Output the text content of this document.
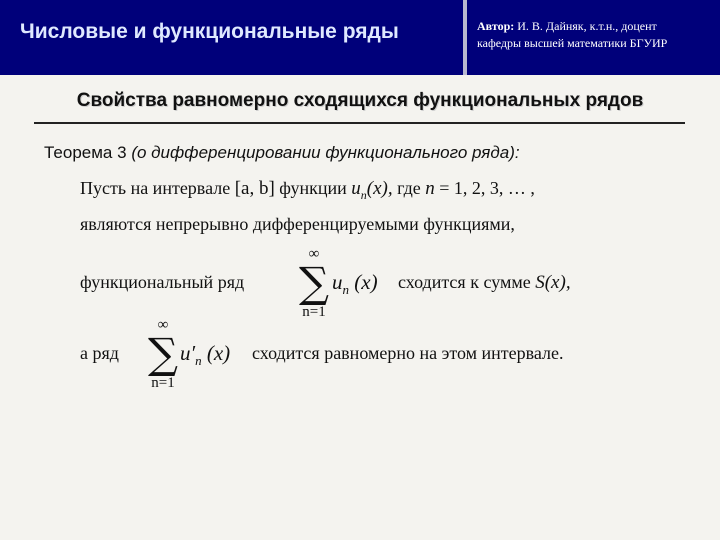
Числовые и функциональные ряды	Автор: И. В. Дайняк, к.т.н., доцент
кафедры высшей математики БГУИР
Свойства равномерно сходящихся функциональных рядов
Теорема 3 (о дифференцировании функционального ряда):
Пусть на интервале [a, b] функции $u_n(x)$, где n = 1, 2, 3, … ,
являются непрерывно дифференцируемыми функциями,
функциональный ряд
∞
∑
n=1
$u_n$ (x) сходится к сумме S(x),
а ряд
∞
∑
n=1
$u'_n$ (x) сходится равномерно на этом интервале.
